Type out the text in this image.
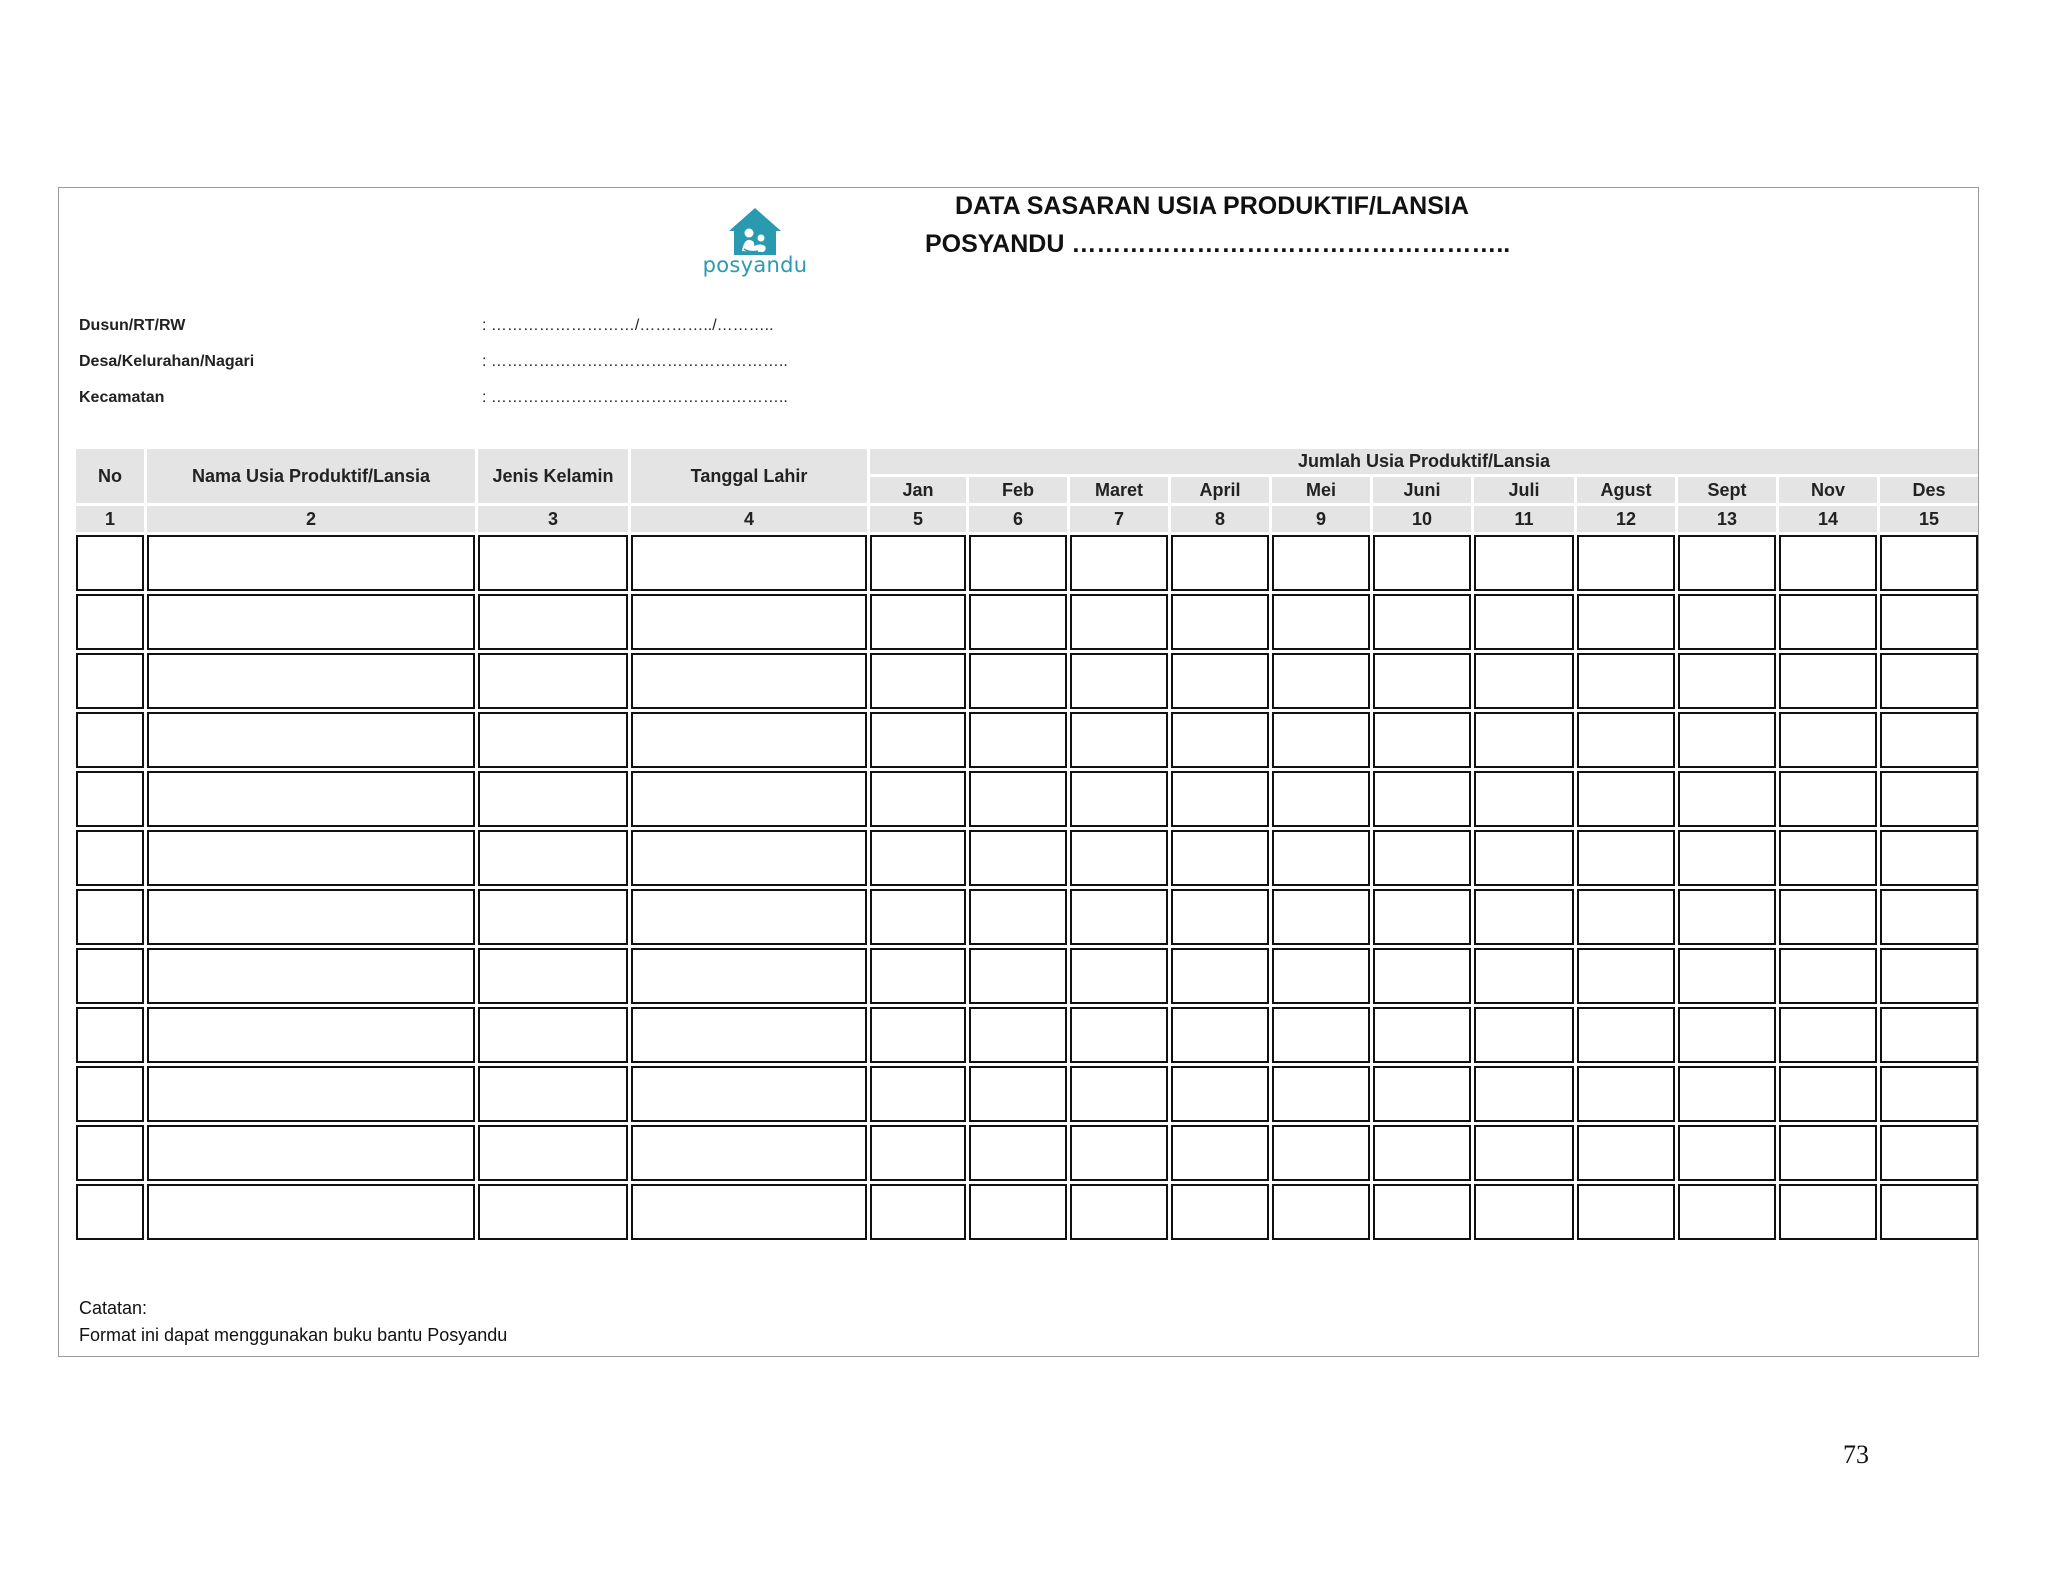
posyandu
DATA SASARAN USIA PRODUKTIF/LANSIA
POSYANDU ……………………………………………..
Dusun/RT/RW	: ………………………/…………../………..
Desa/Kelurahan/Nagari	: ………………………………………………..
Kecamatan	: ………………………………………………..
No	Nama Usia Produktif/Lansia	Jenis Kelamin	Tanggal Lahir	Jumlah Usia Produktif/Lansia										
				Jan	Feb	Maret	April	Mei	Juni	Juli	Agust	Sept	Nov	Des
1	2	3	4	5	6	7	8	9	10	11	12	13	14	15

Catatan:
Format ini dapat menggunakan buku bantu Posyandu
73
